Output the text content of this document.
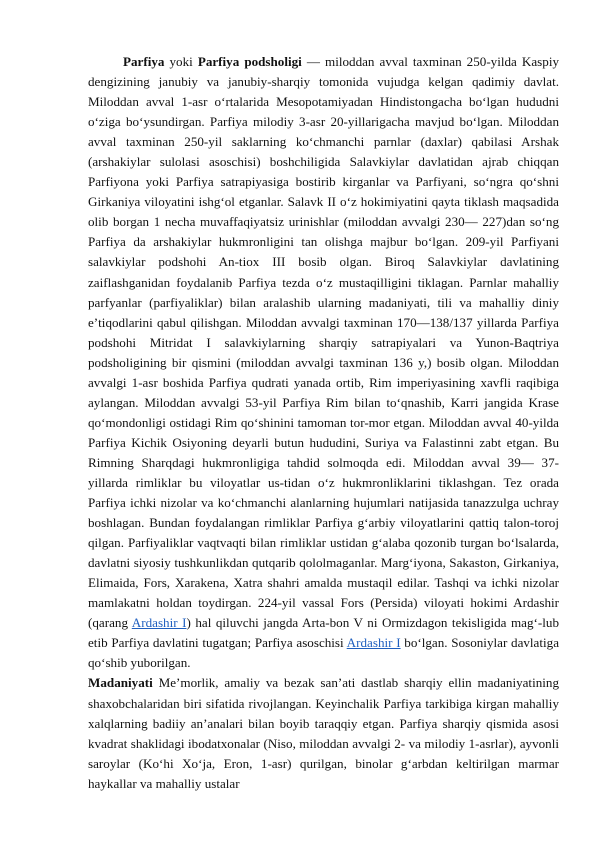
Parfiya yoki Parfiya podsholigi — miloddan avval taxminan 250-yilda Kaspiy dengizining janubiy va janubiy-sharqiy tomonida vujudga kelgan qadimiy davlat. Miloddan avval 1-asr oʻrtalarida Mesopotamiyadan Hindistongacha boʻlgan hududni oʻziga boʻysundirgan. Parfiya milodiy 3-asr 20-yillarigacha mavjud boʻlgan. Miloddan avval taxminan 250-yil saklarning koʻchmanchi parnlar (daxlar) qabilasi Arshak (arshakiylar sulolasi asoschisi) boshchiligida Salavkiylar davlatidan ajrab chiqqan Parfiyona yoki Parfiya satrapiyasiga bostirib kirganlar va Parfiyani, soʻngra qoʻshni Girkaniya viloyatini ishgʻol etganlar. Salavk II oʻz hokimiyatini qayta tiklash maqsadida olib borgan 1 necha muvaffaqiyatsiz urinishlar (miloddan avvalgi 230— 227)dan soʻng Parfiya da arshakiylar hukmronligini tan olishga majbur boʻlgan. 209-yil Parfiyani salavkiylar podshohi An-tiox III bosib olgan. Biroq Salavkiylar davlatining zaiflashganidan foydalanib Parfiya tezda oʻz mustaqilligini tiklagan. Parnlar mahalliy parfyanlar (parfiyaliklar) bilan aralashib ularning madaniyati, tili va mahalliy diniy eʼtiqodlarini qabul qilishgan. Miloddan avvalgi taxminan 170—138/137 yillarda Parfiya podshohi Mitridat I salavkiylarning sharqiy satrapiyalari va Yunon-Baqtriya podsholigining bir qismini (miloddan avvalgi taxminan 136 y,) bosib olgan. Miloddan avvalgi 1-asr boshida Parfiya qudrati yanada ortib, Rim imperiyasining xavfli raqibiga aylangan. Miloddan avvalgi 53-yil Parfiya Rim bilan toʻqnashib, Karri jangida Krase qoʻmondonligi ostidagi Rim qoʻshinini tamoman tor-mor etgan. Miloddan avval 40-yilda Parfiya Kichik Osiyoning deyarli butun hududini, Suriya va Falastinni zabt etgan. Bu Rimning Sharqdagi hukmronligiga tahdid solmoqda edi. Miloddan avval 39— 37-yillarda rimliklar bu viloyatlar us-tidan oʻz hukmronliklarini tiklashgan. Tez orada Parfiya ichki nizolar va koʻchmanchi alanlarning hujumlari natijasida tanazzulga uchray boshlagan. Bundan foydalangan rimliklar Parfiya gʻarbiy viloyatlarini qattiq talon-toroj qilgan. Parfiyaliklar vaqtvaqti bilan rimliklar ustidan gʻalaba qozonib turgan boʻlsalarda, davlatni siyosiy tushkunlikdan qutqarib qololmaganlar. Margʻiyona, Sakaston, Girkaniya, Elimaida, Fors, Xarakena, Xatra shahri amalda mustaqil edilar. Tashqi va ichki nizolar mamlakatni holdan toydirgan. 224-yil vassal Fors (Persida) viloyati hokimi Ardashir (qarang Ardashir I) hal qiluvchi jangda Arta-bon V ni Ormizdagon tekisligida magʻ-lub etib Parfiya davlatini tugatgan; Parfiya asoschisi Ardashir I boʻlgan. Sosoniylar davlatiga qoʻshib yuborilgan.

Madaniyati Meʼmorlik, amaliy va bezak sanʼati dastlab sharqiy ellin madaniyatining shaxobchalaridan biri sifatida rivojlangan. Keyinchalik Parfiya tarkibiga kirgan mahalliy xalqlarning badiiy anʼanalari bilan boyib taraqqiy etgan. Parfiya sharqiy qismida asosi kvadrat shaklidagi ibodatxonalar (Niso, miloddan avvalgi 2- va milodiy 1-asrlar), ayvonli saroylar (Koʻhi Xoʻja, Eron, 1-asr) qurilgan, binolar gʻarbdan keltirilgan marmar haykallar va mahalliy ustalar
